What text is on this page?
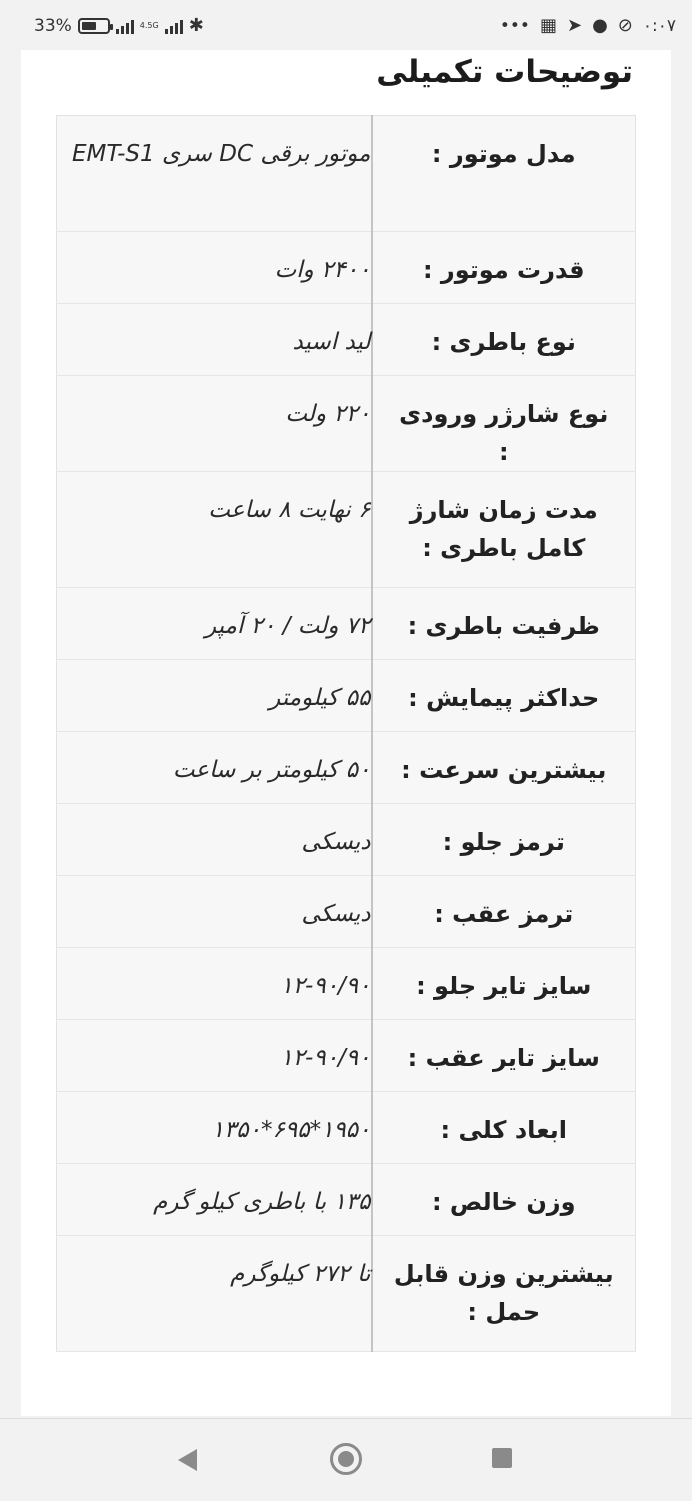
33%	4.5G ✱	••• ▦ ➤ ● ⊘ ۰:۰۷
توضیحات تکمیلی
مدل موتور :	موتور برقی DC سری EMT-S1
قدرت موتور :	۲۴۰۰ وات
نوع باطری :	لید اسید
نوع شارژر ورودی :	۲۲۰ ولت
مدت زمان شارژ کامل باطری :	۶ نهایت ۸ ساعت
ظرفیت باطری :	۷۲ ولت / ۲۰ آمپر
حداکثر پیمایش :	۵۵ کیلومتر
بیشترین سرعت :	۵۰ کیلومتر بر ساعت
ترمز جلو :	دیسکی
ترمز عقب :	دیسکی
سایز تایر جلو :	۱۲-۹۰/۹۰
سایز تایر عقب :	۱۲-۹۰/۹۰
ابعاد کلی :	۱۹۵۰*۶۹۵*۱۳۵۰
وزن خالص :	۱۳۵ با باطری کیلو گرم
بیشترین وزن قابل حمل :	تا ۲۷۲ کیلوگرم
